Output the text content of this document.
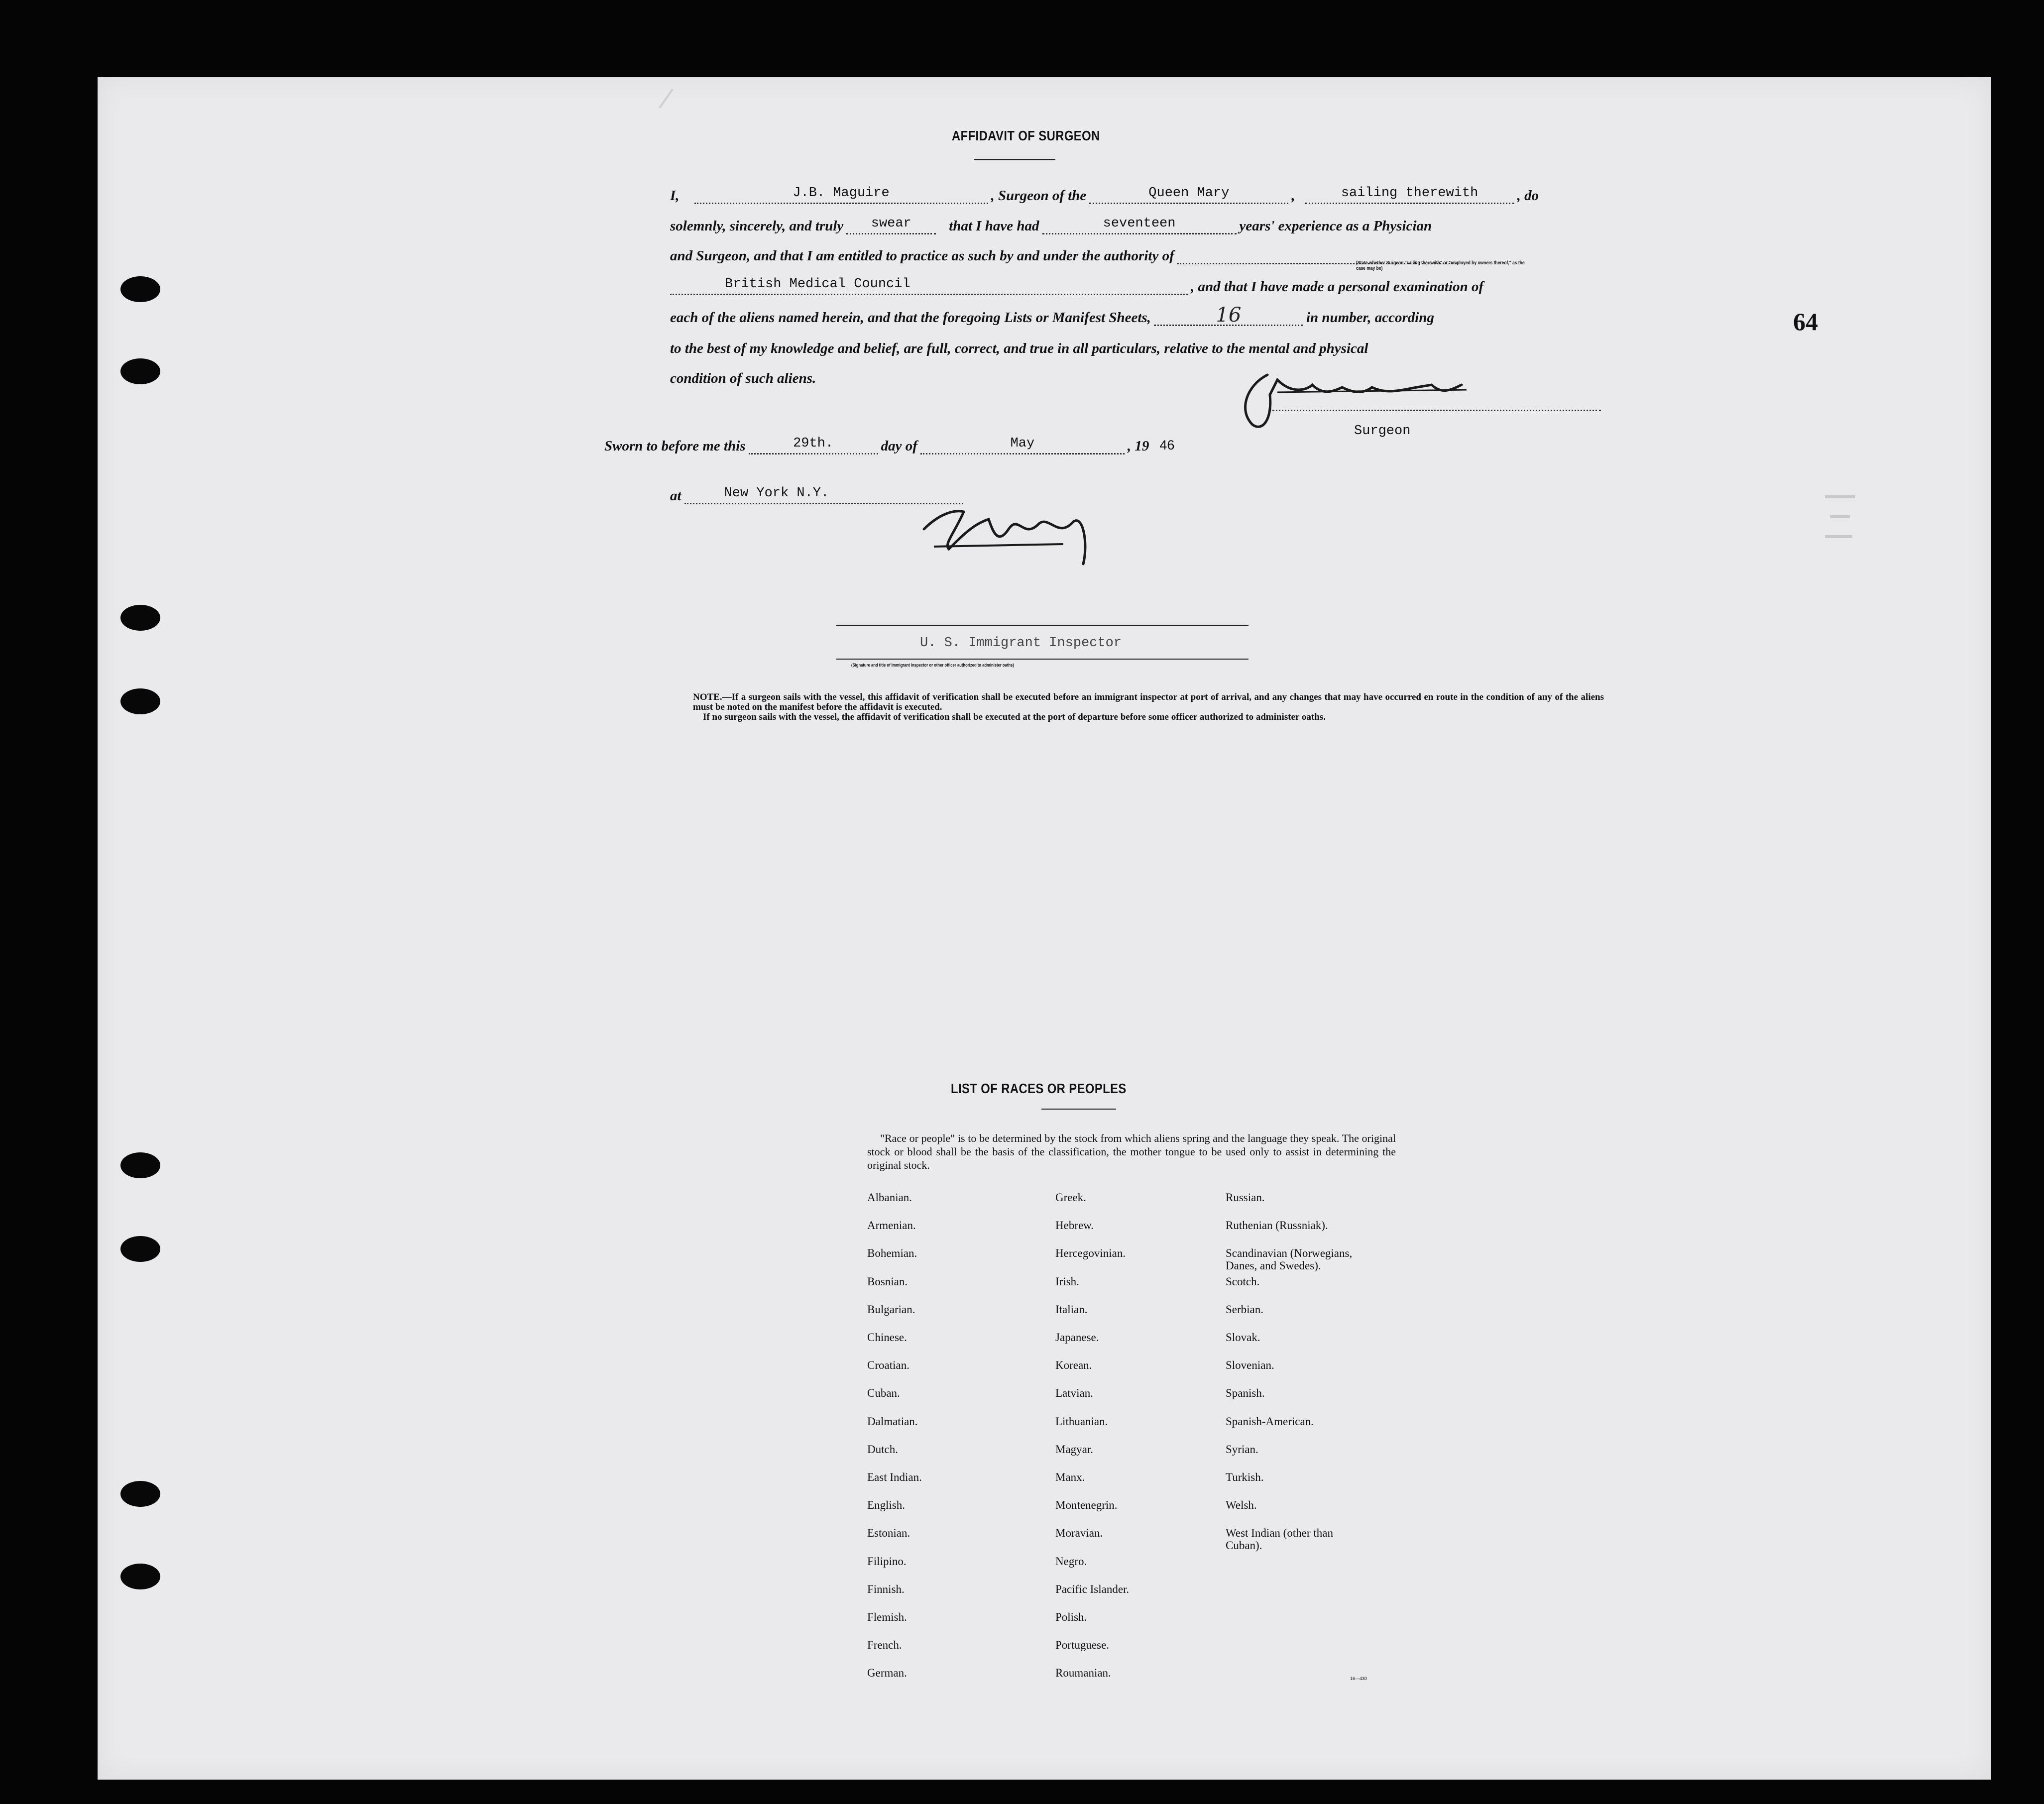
64
AFFIDAVIT OF SURGEON
I,	J.B. Maguire	, Surgeon of the	Queen Mary	,	sailing therewith	, do
(State whether Surgeon "sailing therewith" or "employed by owners thereof," as the case may be)
solemnly, sincerely, and truly	swear	that I have had	seventeen	years' experience as a Physician
and Surgeon, and that I am entitled to practice as such by and under the authority of
British Medical Council	, and that I have made a personal examination of
each of the aliens named herein, and that the foregoing Lists or Manifest Sheets,	16	in number, according
to the best of my knowledge and belief, are full, correct, and true in all particulars, relative to the mental and physical
condition of such aliens.
Surgeon
Sworn to before me this	29th.	day of	May	, 19 46
at	New York N.Y.
U. S. Immigrant Inspector
(Signature and title of Immigrant Inspector or other officer authorized to administer oaths)

NOTE.—If a surgeon sails with the vessel, this affidavit of verification shall be executed before an immigrant inspector at port of arrival, and any changes that may have occurred en route in the condition of any of the aliens must be noted on the manifest before the affidavit is executed.

If no surgeon sails with the vessel, the affidavit of verification shall be executed at the port of departure before some officer authorized to administer oaths.

LIST OF RACES OR PEOPLES

"Race or people" is to be determined by the stock from which aliens spring and the language they speak. The original stock or blood shall be the basis of the classification, the mother tongue to be used only to assist in determining the original stock.

Albanian.
Armenian.
Bohemian.
Bosnian.
Bulgarian.
Chinese.
Croatian.
Cuban.
Dalmatian.
Dutch.
East Indian.
English.
Estonian.
Filipino.
Finnish.
Flemish.
French.
German.
Greek.
Hebrew.
Hercegovinian.
Irish.
Italian.
Japanese.
Korean.
Latvian.
Lithuanian.
Magyar.
Manx.
Montenegrin.
Moravian.
Negro.
Pacific Islander.
Polish.
Portuguese.
Roumanian.
Russian.
Ruthenian (Russniak).
Scandinavian (Norwegians,
Danes, and Swedes).
Scotch.
Serbian.
Slovak.
Slovenian.
Spanish.
Spanish-American.
Syrian.
Turkish.
Welsh.
West Indian (other than
Cuban).
16—430
